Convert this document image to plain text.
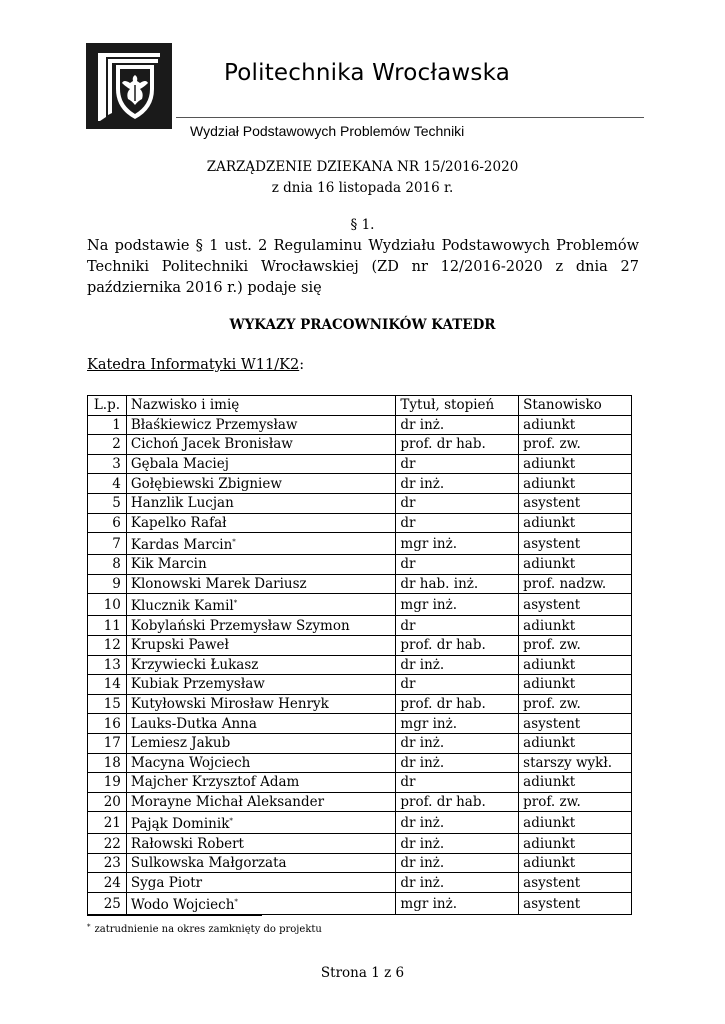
Politechnika Wrocławska
Wydział Podstawowych Problemów Techniki
ZARZĄDZENIE DZIEKANA NR 15/2016-2020
z dnia 16 listopada 2016 r.
§ 1.
Na podstawie § 1 ust. 2 Regulaminu Wydziału Podstawowych Problemów
Techniki Politechniki Wrocławskiej (ZD nr 12/2016-2020 z dnia 27
października 2016 r.) podaje się
WYKAZY PRACOWNIKÓW KATEDR
Katedra Informatyki W11/K2:
L.p.	Nazwisko i imię	Tytuł, stopień	Stanowisko
1	Błaśkiewicz Przemysław	dr inż.	adiunkt
2	Cichoń Jacek Bronisław	prof. dr hab.	prof. zw.
3	Gębala Maciej	dr	adiunkt
4	Gołębiewski Zbigniew	dr inż.	adiunkt
5	Hanzlik Lucjan	dr	asystent
6	Kapelko Rafał	dr	adiunkt
7	Kardas Marcin*	mgr inż.	asystent
8	Kik Marcin	dr	adiunkt
9	Klonowski Marek Dariusz	dr hab. inż.	prof. nadzw.
10	Klucznik Kamil*	mgr inż.	asystent
11	Kobylański Przemysław Szymon	dr	adiunkt
12	Krupski Paweł	prof. dr hab.	prof. zw.
13	Krzywiecki Łukasz	dr inż.	adiunkt
14	Kubiak Przemysław	dr	adiunkt
15	Kutyłowski Mirosław Henryk	prof. dr hab.	prof. zw.
16	Lauks-Dutka Anna	mgr inż.	asystent
17	Lemiesz Jakub	dr inż.	adiunkt
18	Macyna Wojciech	dr inż.	starszy wykł.
19	Majcher Krzysztof Adam	dr	adiunkt
20	Morayne Michał Aleksander	prof. dr hab.	prof. zw.
21	Pająk Dominik*	dr inż.	adiunkt
22	Rałowski Robert	dr inż.	adiunkt
23	Sulkowska Małgorzata	dr inż.	adiunkt
24	Syga Piotr	dr inż.	asystent
25	Wodo Wojciech*	mgr inż.	asystent
* zatrudnienie na okres zamknięty do projektu
Strona 1 z 6
